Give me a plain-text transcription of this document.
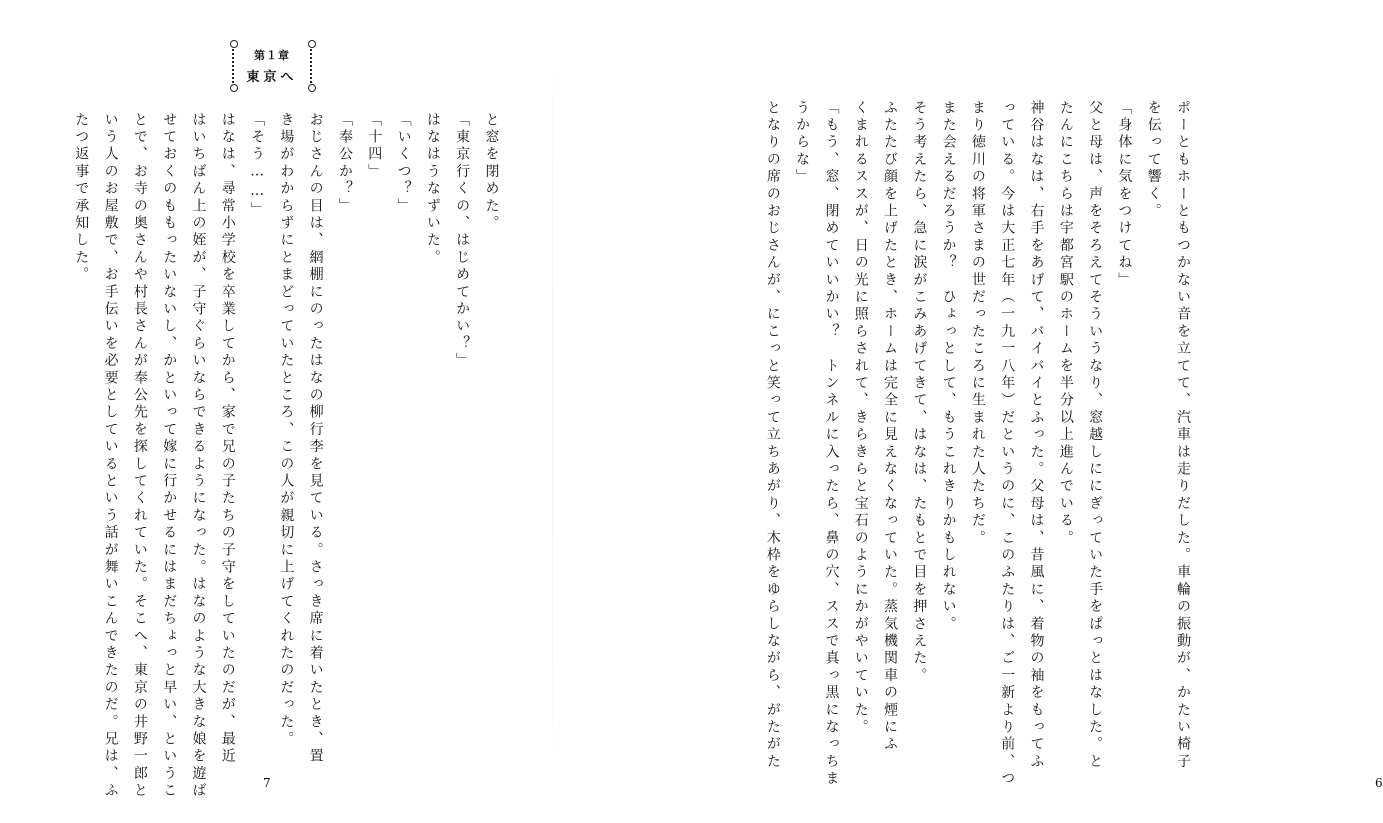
第１章
東京へ
と窓を閉めた。
「東京行くの、はじめてかい？」
はなはうなずいた。
「いくつ？」
「十四」
「奉公か？」
おじさんの目は、網棚にのったはなの柳行李を見ている。さっき席に着いたとき、置
き場がわからずにとまどっていたところ、この人が親切に上げてくれたのだった。
「そう……」
はなは、尋常小学校を卒業してから、家で兄の子たちの子守をしていたのだが、最近
はいちばん上の姪が、子守ぐらいならできるようになった。はなのような大きな娘を遊ば
せておくのももったいないし、かといって嫁に行かせるにはまだちょっと早い、というこ
とで、お寺の奥さんや村長さんが奉公先を探してくれていた。そこへ、東京の井野一郎と
いう人のお屋敷で、お手伝いを必要としているという話が舞いこんできたのだ。兄は、ふ
たつ返事で承知した。
7
ポーともホーともつかない音を立てて、汽車は走りだした。車輪の振動が、かたい椅子
を伝って響く。
「身体に気をつけてね」
父と母は、声をそろえてそういうなり、窓越しににぎっていた手をぱっとはなした。と
たんにこちらは宇都宮駅のホームを半分以上進んでいる。
神谷はなは、右手をあげて、バイバイとふった。父母は、昔風に、着物の袖をもってふ
っている。今は大正七年（一九一八年）だというのに、このふたりは、ご一新より前、つ
まり徳川の将軍さまの世だったころに生まれた人たちだ。
また会えるだろうか？　ひょっとして、もうこれきりかもしれない。
そう考えたら、急に涙がこみあげてきて、はなは、たもとで目を押さえた。
ふたたび顔を上げたとき、ホームは完全に見えなくなっていた。蒸気機関車の煙にふ
くまれるススが、日の光に照らされて、きらきらと宝石のようにかがやいていた。
「もう、窓、閉めていいかい？　トンネルに入ったら、鼻の穴、ススで真っ黒になっちま
うからな」
となりの席のおじさんが、にこっと笑って立ちあがり、木枠をゆらしながら、がたがた
6
